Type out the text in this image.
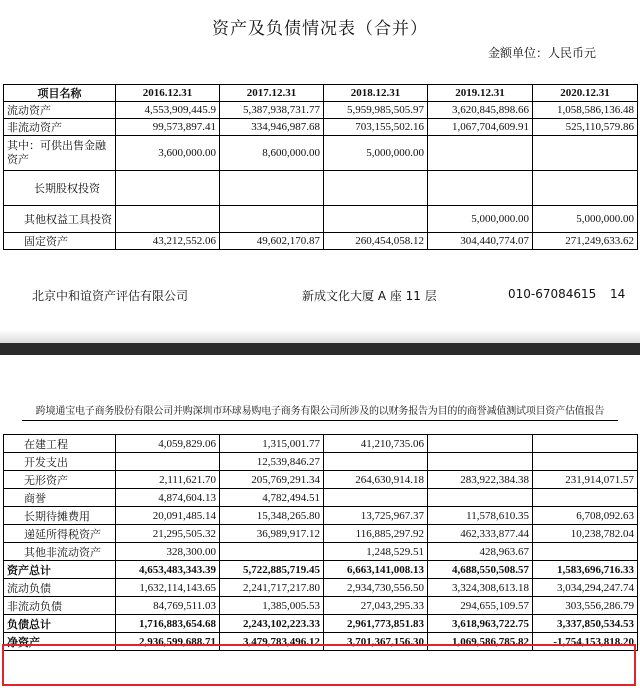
资产及负债情况表（合并）
金额单位：人民币元
项目名称	2016.12.31	2017.12.31	2018.12.31	2019.12.31	2020.12.31
流动资产	4,553,909,445.9	5,387,938,731.77	5,959,985,505.97	3,620,845,898.66	1,058,586,136.48
非流动资产	99,573,897.41	334,946,987.68	703,155,502.16	1,067,704,609.91	525,110,579.86
其中：可供出售金融资产	3,600,000.00	8,600,000.00	5,000,000.00		
长期股权投资					
其他权益工具投资				5,000,000.00	5,000,000.00
固定资产	43,212,552.06	49,602,170.87	260,454,058.12	304,440,774.07	271,249,633.62
北京中和谊资产评估有限公司	新成文化大厦 A 座 11 层	010-67084615 14
跨境通宝电子商务股份有限公司并购深圳市环球易购电子商务有限公司所涉及的以财务报告为目的的商誉减值测试项目资产估值报告
在建工程	4,059,829.06	1,315,001.77	41,210,735.06		
开发支出		12,539,846.27			
无形资产	2,111,621.70	205,769,291.34	264,630,914.18	283,922,384.38	231,914,071.57
商誉	4,874,604.13	4,782,494.51			
长期待摊费用	20,091,485.14	15,348,265.80	13,725,967.37	11,578,610.35	6,708,092.63
递延所得税资产	21,295,505.32	36,989,917.12	116,885,297.92	462,333,877.44	10,238,782.04
其他非流动资产	328,300.00		1,248,529.51	428,963.67	
资产总计	4,653,483,343.39	5,722,885,719.45	6,663,141,008.13	4,688,550,508.57	1,583,696,716.33
流动负债	1,632,114,143.65	2,241,717,217.80	2,934,730,556.50	3,324,308,613.18	3,034,294,247.74
非流动负债	84,769,511.03	1,385,005.53	27,043,295.33	294,655,109.57	303,556,286.79
负债总计	1,716,883,654.68	2,243,102,223.33	2,961,773,851.83	3,618,963,722.75	3,337,850,534.53
净资产	2,936,599,688.71	3,479,783,496.12	3,701,367,156.30	1,069,586,785.82	-1,754,153,818.20
